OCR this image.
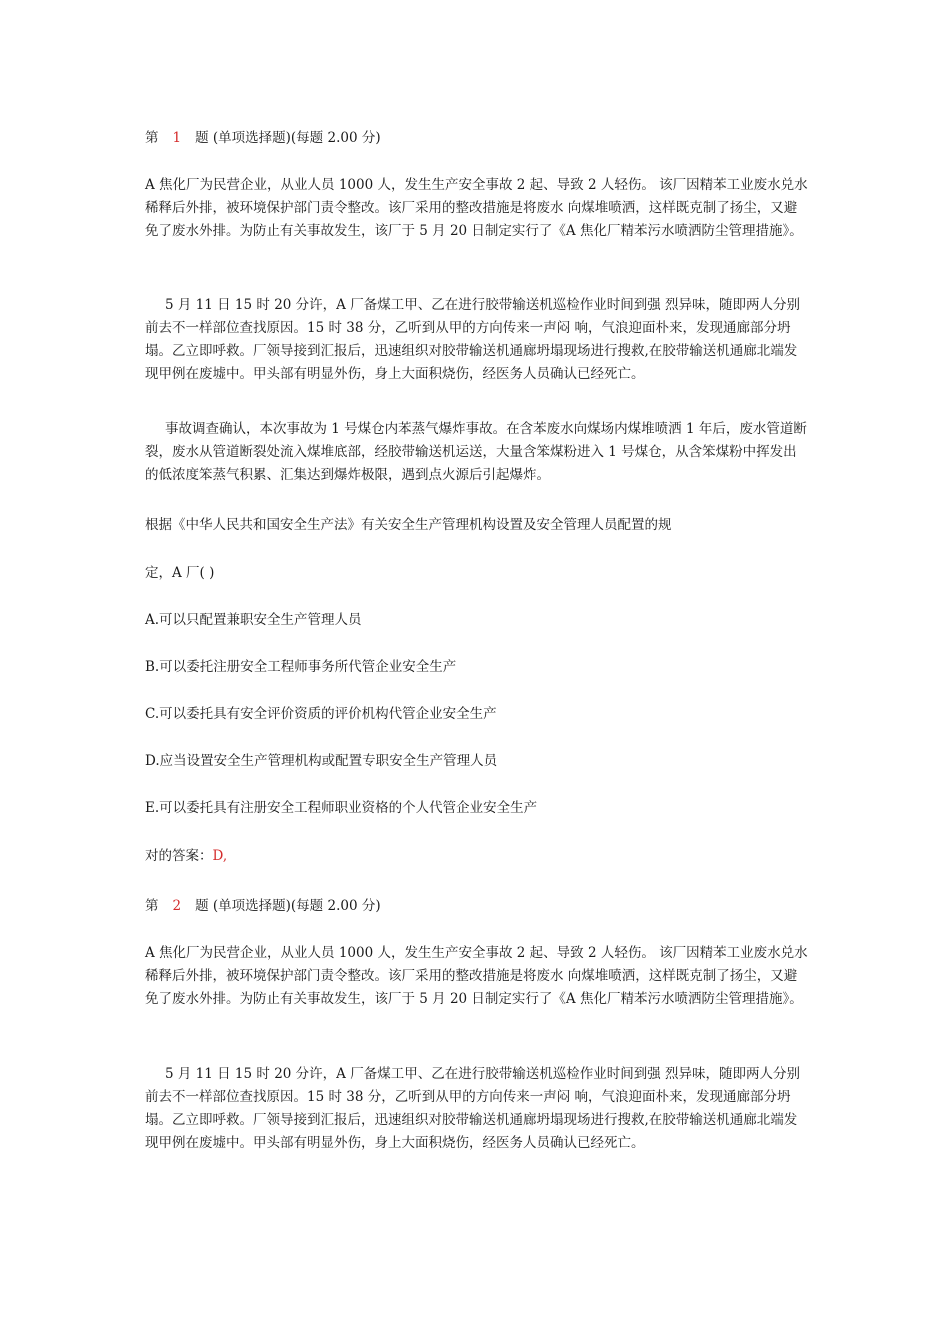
第 1 题 (单项选择题)(每题 2.00 分)
A 焦化厂为民营企业，从业人员 1000 人，发生生产安全事故 2 起、导致 2 人轻伤。 该厂因精苯工业废水兑水稀释后外排，被环境保护部门责令整改。该厂采用的整改措施是将废水 向煤堆喷洒，这样既克制了扬尘，又避免了废水外排。为防止有关事故发生，该厂于 5 月 20 日制定实行了《A 焦化厂精苯污水喷洒防尘管理措施》。
5 月 11 日 15 时 20 分许，A 厂备煤工甲、乙在进行胶带输送机巡检作业时间到强 烈异味，随即两人分别前去不一样部位查找原因。15 时 38 分，乙听到从甲的方向传来一声闷 响，气浪迎面朴来，发现通廊部分坍塌。乙立即呼救。厂领导接到汇报后，迅速组织对胶带输送机通廊坍塌现场进行搜救,在胶带输送机通廊北端发现甲例在废墟中。甲头部有明显外伤，身上大面积烧伤，经医务人员确认已经死亡。
事故调查确认，本次事故为 1 号煤仓内苯蒸气爆炸事故。在含苯废水向煤场内煤堆喷洒 1 年后，废水管道断裂，废水从管道断裂处流入煤堆底部，经胶带输送机运送，大量含笨煤粉进入 1 号煤仓，从含笨煤粉中挥发出的低浓度笨蒸气积累、汇集达到爆炸极限，遇到点火源后引起爆炸。
根据《中华人民共和国安全生产法》有关安全生产管理机构设置及安全管理人员配置的规
定，A 厂( )
A.可以只配置兼职安全生产管理人员
B.可以委托注册安全工程师事务所代管企业安全生产
C.可以委托具有安全评价资质的评价机构代管企业安全生产
D.应当设置安全生产管理机构或配置专职安全生产管理人员
E.可以委托具有注册安全工程师职业资格的个人代管企业安全生产
对的答案：D,
第 2 题 (单项选择题)(每题 2.00 分)
A 焦化厂为民营企业，从业人员 1000 人，发生生产安全事故 2 起、导致 2 人轻伤。 该厂因精苯工业废水兑水稀释后外排，被环境保护部门责令整改。该厂采用的整改措施是将废水 向煤堆喷洒，这样既克制了扬尘，又避免了废水外排。为防止有关事故发生，该厂于 5 月 20 日制定实行了《A 焦化厂精苯污水喷洒防尘管理措施》。
5 月 11 日 15 时 20 分许，A 厂备煤工甲、乙在进行胶带输送机巡检作业时间到强 烈异味，随即两人分别前去不一样部位查找原因。15 时 38 分，乙听到从甲的方向传来一声闷 响，气浪迎面朴来，发现通廊部分坍塌。乙立即呼救。厂领导接到汇报后，迅速组织对胶带输送机通廊坍塌现场进行搜救,在胶带输送机通廊北端发现甲例在废墟中。甲头部有明显外伤，身上大面积烧伤，经医务人员确认已经死亡。
